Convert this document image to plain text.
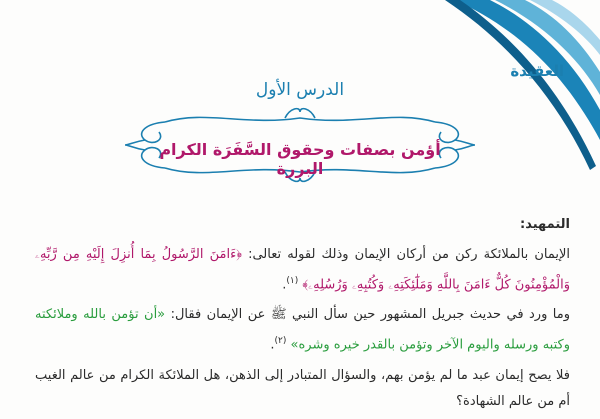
العقيدة
الدرس الأول
أؤمن بصفات وحقوق السَّفَرَة الكرام البررة
التمهيد:

الإيمان بالملائكة ركن من أركان الإيمان وذلك لقوله تعالى: ﴿ءَامَنَ الرَّسُولُ بِمَا أُنزِلَ إِلَيْهِ مِن رَّبِّهِۦ وَالْمُؤْمِنُونَ كُلٌّ ءَامَنَ بِاللَّهِ وَمَلَٰٓئِكَتِهِۦ وَكُتُبِهِۦ وَرُسُلِهِۦ﴾ $^{(١)}$.

وما ورد في حديث جبريل المشهور حين سأل النبي ﷺ عن الإيمان فقال: «أن تؤمن بالله وملائكته وكتبه ورسله واليوم الآخر وتؤمن بالقدر خيره وشره» $^{(٢)}$.

فلا يصح إيمان عبد ما لم يؤمن بهم، والسؤال المتبادر إلى الذهن، هل الملائكة الكرام من عالم الغيب أم من عالم الشهادة؟
